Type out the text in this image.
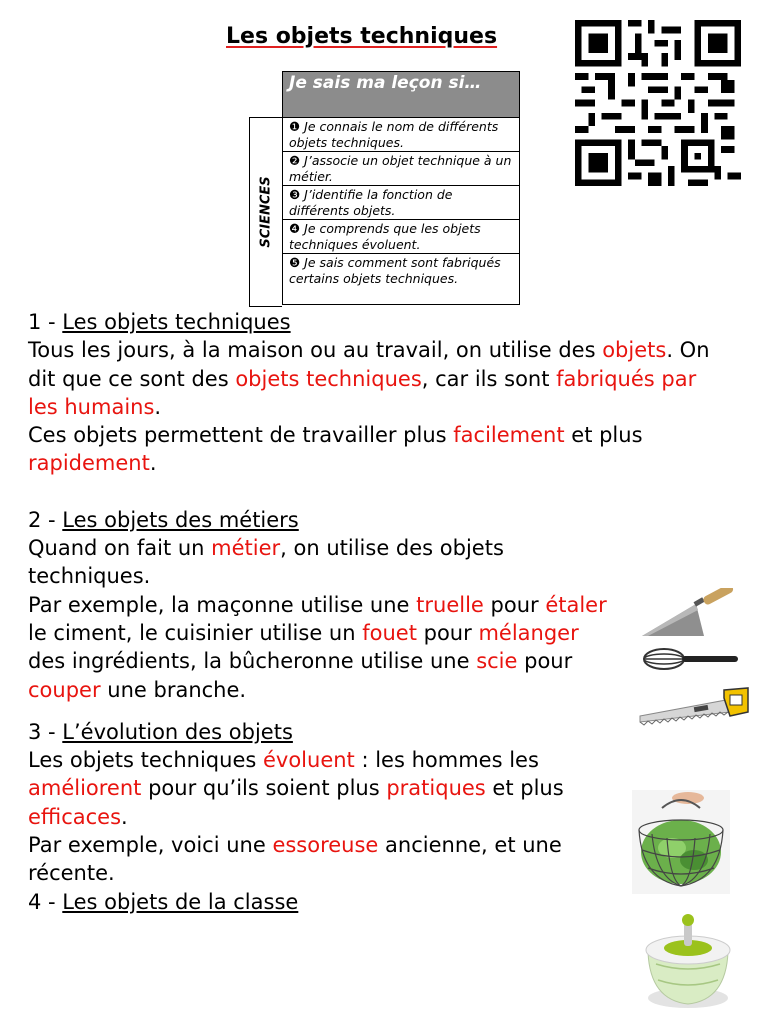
Les objets techniques
SCIENCES
Je sais ma leçon si…
❶ Je connais le nom de différents objets techniques.
❷ J’associe un objet technique à un métier.
❸ J’identifie la fonction de différents objets.
❹ Je comprends que les objets techniques évoluent.
❺ Je sais comment sont fabriqués certains objets techniques.

1 - Les objets techniques

Tous les jours, à la maison ou au travail, on utilise des objets. On dit que ce sont des objets techniques, car ils sont fabriqués par les humains.

Ces objets permettent de travailler plus facilement et plus rapidement.

2 - Les objets des métiers

Quand on fait un métier, on utilise des objets techniques.

Par exemple, la maçonne utilise une truelle pour étaler le ciment, le cuisinier utilise un fouet pour mélanger des ingrédients, la bûcheronne utilise une scie pour couper une branche.

3 - L’évolution des objets

Les objets techniques évoluent : les hommes les améliorent pour qu’ils soient plus pratiques et plus efficaces.

Par exemple, voici une essoreuse ancienne, et une récente.

4 - Les objets de la classe
